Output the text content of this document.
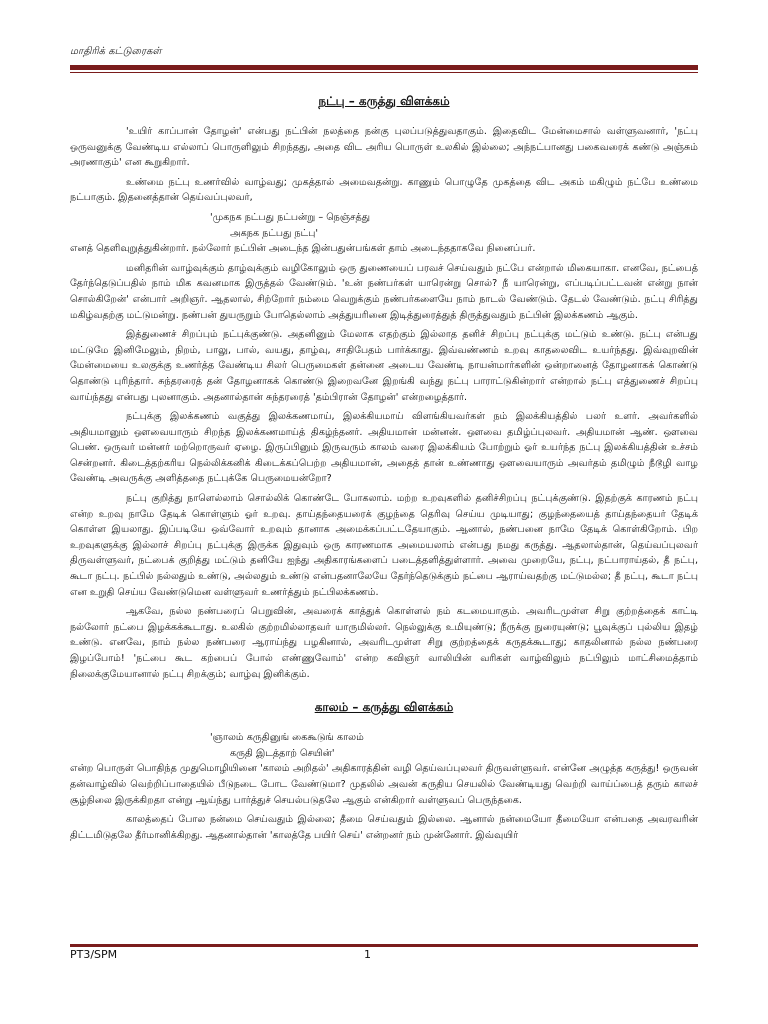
மாதிரிக் கட்டுரைகள்
நட்பு – கருத்து விளக்கம்

'உயிர் காப்பான் தோழன்' என்பது நட்பின் நலத்தை நன்கு புலப்படுத்துவதாகும். இதைவிட மேன்மைசால் வள்ளுவனார், 'நட்பு ஒருவனுக்கு வேண்டிய எல்லாப் பொருளிலும் சிறந்தது, அதை விட அரிய பொருள் உலகில் இல்லை; அந்நட்பானது பகைவரைக் கண்டு அஞ்சும் அரணாகும்' என கூறுகிறார்.

உண்மை நட்பு உணர்வில் வாழ்வது; முகத்தால் அமைவதன்று. காணும் பொழுதே முகத்தை விட அகம் மகிழும் நட்பே உண்மை நட்பாகும். இதனைத்தான் தெய்வப்புலவர்,

'முகநக நட்பது நட்பன்று – நெஞ்சத்து
அகநக நட்பது நட்பு'

எனத் தெளிவுறுத்துகின்றார். நல்லோர் நட்பின் அடைந்த இன்பதுன்பங்கள் தாம் அடைந்ததாகவே நினைப்பர்.

மனிதரின் வாழ்வுக்கும் தாழ்வுக்கும் வழிகோலும் ஒரு துணையைப் பரவச் செய்வதும் நட்பே என்றால் மிகையாகா. எனவே, நட்பைத் தேர்ந்தெடுப்பதில் நாம் மிக கவனமாக இருத்தல் வேண்டும். 'உன் நண்பர்கள் யாரென்று சொல்? நீ யாரென்று, எப்படிப்பட்டவன் என்று நான் சொல்கிறேன்' என்பார் அறிஞர். ஆதலால், சிற்றோர் நம்மை வெறுக்கும் நண்பர்களையே நாம் நாடல் வேண்டும். தேடல் வேண்டும். நட்பு சிரித்து மகிழ்வதற்கு மட்டுமன்று. நண்பன் துயருறும் போதெல்லாம் அத்துயரினை இடித்துரைத்துத் திருத்துவதும் நட்பின் இலக்கணம் ஆகும்.

இத்துணைச் சிறப்பும் நட்புக்குண்டு. அதனினும் மேலாக எதற்கும் இல்லாத தனிச் சிறப்பு நட்புக்கு மட்டும் உண்டு. நட்பு என்பது மட்டுமே இனிமேலும், நிறம், பாலு, பால், வயது, தாழ்வு, சாதிபேதம் பார்க்காது. இவ்வண்ணம் உறவு காதலைவிட உயர்ந்தது. இவ்வுறவின் மேன்மையை உலகுக்கு உணர்த்த வேண்டிய சிலர் பெருமைகள் தன்னை அடைய வேண்டி நாயன்மார்களின் ஒன்றானைத் தோழனாகக் கொண்டு தொண்டு புரிந்தார். சுந்தரரைத் தன் தோழனாகக் கொண்டு இறைவனே இறங்கி வந்து நட்பு பாராட்டுகின்றார் என்றால் நட்பு எத்துணைச் சிறப்பு வாய்ந்தது என்பது புலனாகும். அதனால்தான் சுந்தரரைத் 'தம்பிரான் தோழன்' என்றழைத்தார்.

நட்புக்கு இலக்கணம் வகுத்து இலக்கணமாய், இலக்கியமாய் விளங்கியவர்கள் நம் இலக்கியத்தில் பலர் உளர். அவர்களில் அதியமானும் ஔவையாரும் சிறந்த இலக்கணமாய்த் திகழ்ந்தனர். அதியமான் மன்னன். ஔவை தமிழ்ப்புலவர். அதியமான் ஆண். ஔவை பெண். ஒருவர் மன்னர் மற்றொருவர் ஏழை. இருப்பினும் இருவரும் காலம் வரை இலக்கியம் போற்றும் ஓர் உயர்ந்த நட்பு இலக்கியத்தின் உச்சம் சென்றனர். கிடைத்தற்கரிய நெல்லிக்கனிக் கிடைக்கப்பெற்ற அதியமான், அதைத் தான் உண்ணாது ஔவையாரும் அவர்தம் தமிழும் நீடூழி வாழ வேண்டி அவருக்கு அளித்ததை நட்புக்கே பெருமையன்றோ?

நட்பு குறித்து நாளெல்லாம் சொல்லிக் கொண்டே போகலாம். மற்ற உறவுகளில் தனிச்சிறப்பு நட்புக்குண்டு. இதற்குக் காரணம் நட்பு என்ற உறவு நாமே தேடிக் கொள்ளும் ஓர் உறவு. தாய்தந்தையரைக் குழந்தை தெரிவு செய்ய முடியாது; குழந்தையைத் தாய்தந்தையர் தேடிக் கொள்ள இயலாது. இப்படியே ஒவ்வோர் உறவும் தானாக அமைக்கப்பட்டதேயாகும். ஆனால், நண்பனை நாமே தேடிக் கொள்கிறோம். பிற உறவுகளுக்கு இல்லாச் சிறப்பு நட்புக்கு இருக்க இதுவும் ஒரு காரணமாக அமையலாம் என்பது நமது கருத்து. ஆதலால்தான், தெய்வப்புலவர் திருவள்ளுவர், நட்பைக் குறித்து மட்டும் தனியே ஐந்து அதிகாரங்களைப் படைத்தளித்துள்ளார். அவை முறையே, நட்பு, நட்பாராய்தல், தீ நட்பு, கூடா நட்பு. நட்பில் நல்லதும் உண்டு, அல்லதும் உண்டு என்பதனாலேயே தேர்ந்தெடுக்கும் நட்பை ஆராய்வதற்கு மட்டுமல்ல; தீ நட்பு, கூடா நட்பு என உறுதி செய்ய வேண்டுமென வள்ளுவர் உணர்த்தும் நட்பிலக்கணம்.

ஆகவே, நல்ல நண்பரைப் பெறுவின், அவரைக் காத்துக் கொள்ளல் நம் கடமையாகும். அவரிடமுள்ள சிறு குற்றத்தைக் காட்டி நல்லோர் நட்பை இழக்கக்கூடாது. உலகில் குற்றமில்லாதவர் யாருமில்லர். நெல்லுக்கு உமியுண்டு; நீருக்கு நுரையுண்டு; பூவுக்குப் புல்லிய இதழ் உண்டு. எனவே, நாம் நல்ல நண்பரை ஆராய்ந்து பழகினால், அவரிடமுள்ள சிறு குற்றத்தைக் கருதக்கூடாது; காதலினால் நல்ல நண்பரை இழப்போம்! 'நட்பை கூட கற்பைப் போல் எண்ணுவோம்' என்ற கவிஞர் வாலியின் வரிகள் வாழ்விலும் நட்பிலும் மாட்சிமைத்தாம் நிலைக்குமேயானால் நட்பு சிறக்கும்; வாழ்வு இனிக்கும்.

காலம் – கருத்து விளக்கம்
'ஞாலம் கருதினுங் கைகூடுங் காலம்
கருதி இடத்தாற் செயின்'

என்ற பொருள் பொதிந்த முதுமொழியினை 'காலம் அறிதல்' அதிகாரத்தின் வழி தெய்வப்புலவர் திருவள்ளுவர். என்னே அழுத்த கருத்து! ஒருவன் தன்வாழ்வில் வெற்றிப்பாதையில் பீடுநடை போட வேண்டுமா? முதலில் அவன் கருதிய செயலில் வேண்டியது வெற்றி வாய்ப்பைத் தரும் காலச் சூழ்நிலை இருக்கிறதா என்று ஆய்ந்து பார்த்துச் செயல்படுதலே ஆகும் என்கிறார் வள்ளுவப் பெருந்தகை.

காலத்தைப் போல நன்மை செய்வதும் இல்லை; தீமை செய்வதும் இல்லை. ஆனால் நன்மையோ தீமையோ என்பதை அவரவரின் திட்டமிடுதலே தீர்மானிக்கிறது. ஆதனால்தான் 'காலத்தே பயிர் செய்' என்றனர் நம் முன்னோர். இவ்வுயிர்

PT3/SPM	1
